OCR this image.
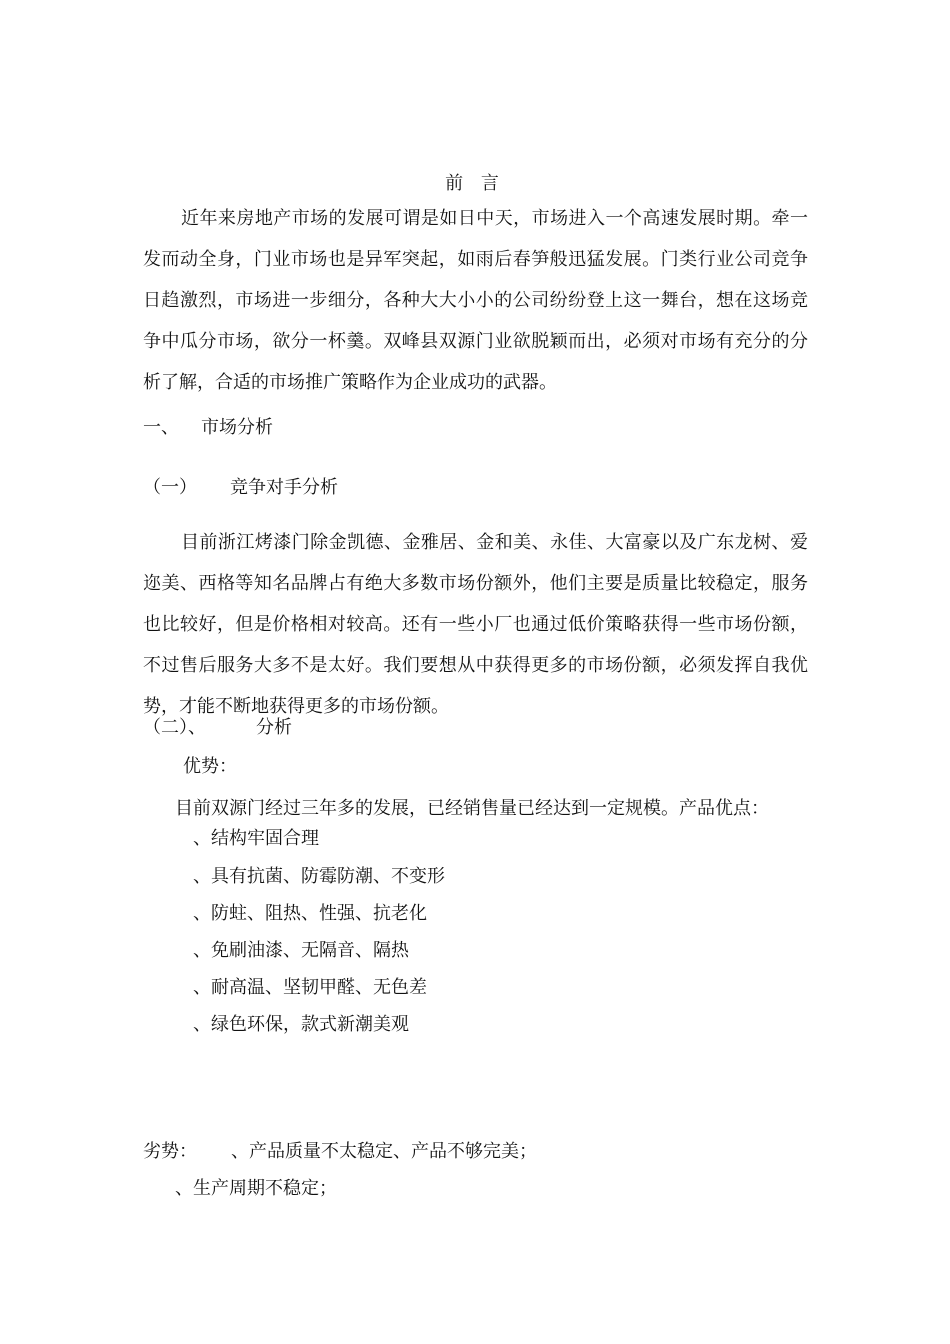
前 言
近年来房地产市场的发展可谓是如日中天，市场进入一个高速发展时期。牵一发而动全身，门业市场也是异军突起，如雨后春笋般迅猛发展。门类行业公司竞争日趋激烈，市场进一步细分，各种大大小小的公司纷纷登上这一舞台，想在这场竞争中瓜分市场，欲分一杯羹。双峰县双源门业欲脱颖而出，必须对市场有充分的分析了解，合适的市场推广策略作为企业成功的武器。
一、 市场分析
（一） 竞争对手分析
目前浙江烤漆门除金凯德、金雅居、金和美、永佳、大富豪以及广东龙树、爱迩美、西格等知名品牌占有绝大多数市场份额外，他们主要是质量比较稳定，服务也比较好，但是价格相对较高。还有一些小厂也通过低价策略获得一些市场份额，不过售后服务大多不是太好。我们要想从中获得更多的市场份额，必须发挥自我优势，才能不断地获得更多的市场份额。
（二）、	分析
优势：
目前双源门经过三年多的发展，已经销售量已经达到一定规模。产品优点：
、结构牢固合理
、具有抗菌、防霉防潮、不变形
、防蛀、阻热、性强、抗老化
、免刷油漆、无隔音、隔热
、耐高温、坚韧甲醛、无色差
、绿色环保，款式新潮美观
劣势： 、产品质量不太稳定、产品不够完美；
、生产周期不稳定；
